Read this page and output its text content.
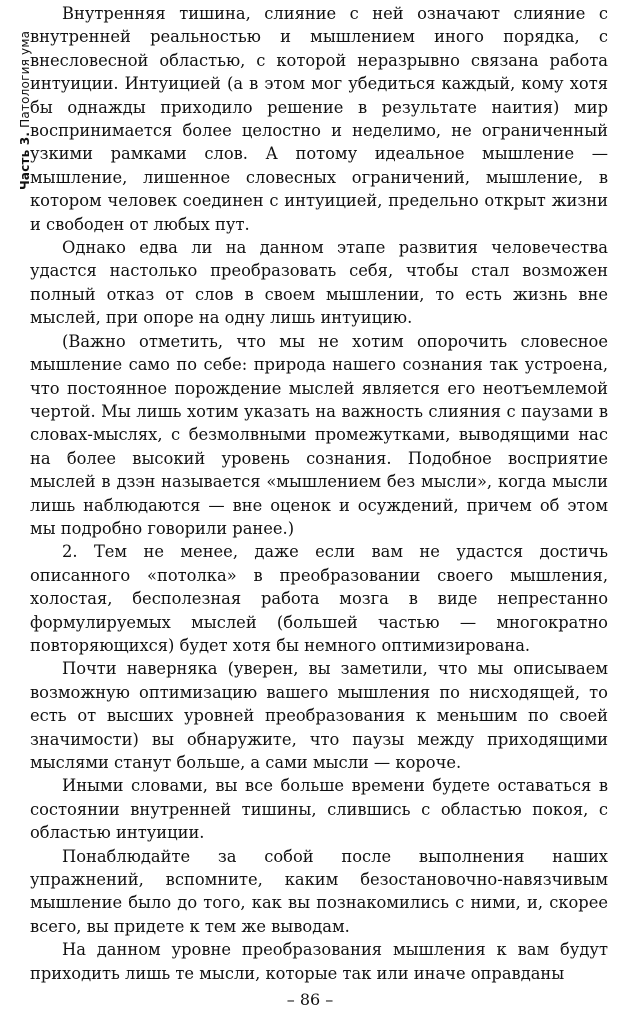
Часть 3. Патология ума

Внутренняя тишина, слияние с ней означают слияние с внутренней реальностью и мышлением иного порядка, с внесловесной областью, с которой неразрывно связана работа интуиции. Интуицией (а в этом мог убедиться каждый, кому хотя бы однажды приходило решение в результате наития) мир воспринимается более целостно и неделимо, не ограниченный узкими рамками слов. А потому идеальное мышление — мышление, лишенное словесных ограничений, мышление, в котором человек соединен с интуицией, предельно открыт жизни и свободен от любых пут.

Однако едва ли на данном этапе развития человечества удастся настолько преобразовать себя, чтобы стал возможен полный отказ от слов в своем мышлении, то есть жизнь вне мыслей, при опоре на одну лишь интуицию.

(Важно отметить, что мы не хотим опорочить словесное мышление само по себе: природа нашего сознания так устроена, что постоянное порождение мыслей является его неотъемлемой чертой. Мы лишь хотим указать на важность слияния с паузами в словах-мыслях, с безмолвными промежутками, выводящими нас на более высокий уровень сознания. Подобное восприятие мыслей в дзэн называется «мышлением без мысли», когда мысли лишь наблюдаются — вне оценок и осуждений, причем об этом мы подробно говорили ранее.)

2. Тем не менее, даже если вам не удастся достичь описанного «потолка» в преобразовании своего мышления, холостая, бесполезная работа мозга в виде непрестанно формулируемых мыслей (большей частью — многократно повторяющихся) будет хотя бы немного оптимизирована.

Почти наверняка (уверен, вы заметили, что мы описываем возможную оптимизацию вашего мышления по нисходящей, то есть от высших уровней преобразования к меньшим по своей значимости) вы обнаружите, что паузы между приходящими мыслями станут больше, а сами мысли — короче.

Иными словами, вы все больше времени будете оставаться в состоянии внутренней тишины, слившись с областью покоя, с областью интуиции.

Понаблюдайте за собой после выполнения наших упражнений, вспомните, каким безостановочно-навязчивым мышление было до того, как вы познакомились с ними, и, скорее всего, вы придете к тем же выводам.

На данном уровне преобразования мышления к вам будут приходить лишь те мысли, которые так или иначе оправданы

– 86 –
